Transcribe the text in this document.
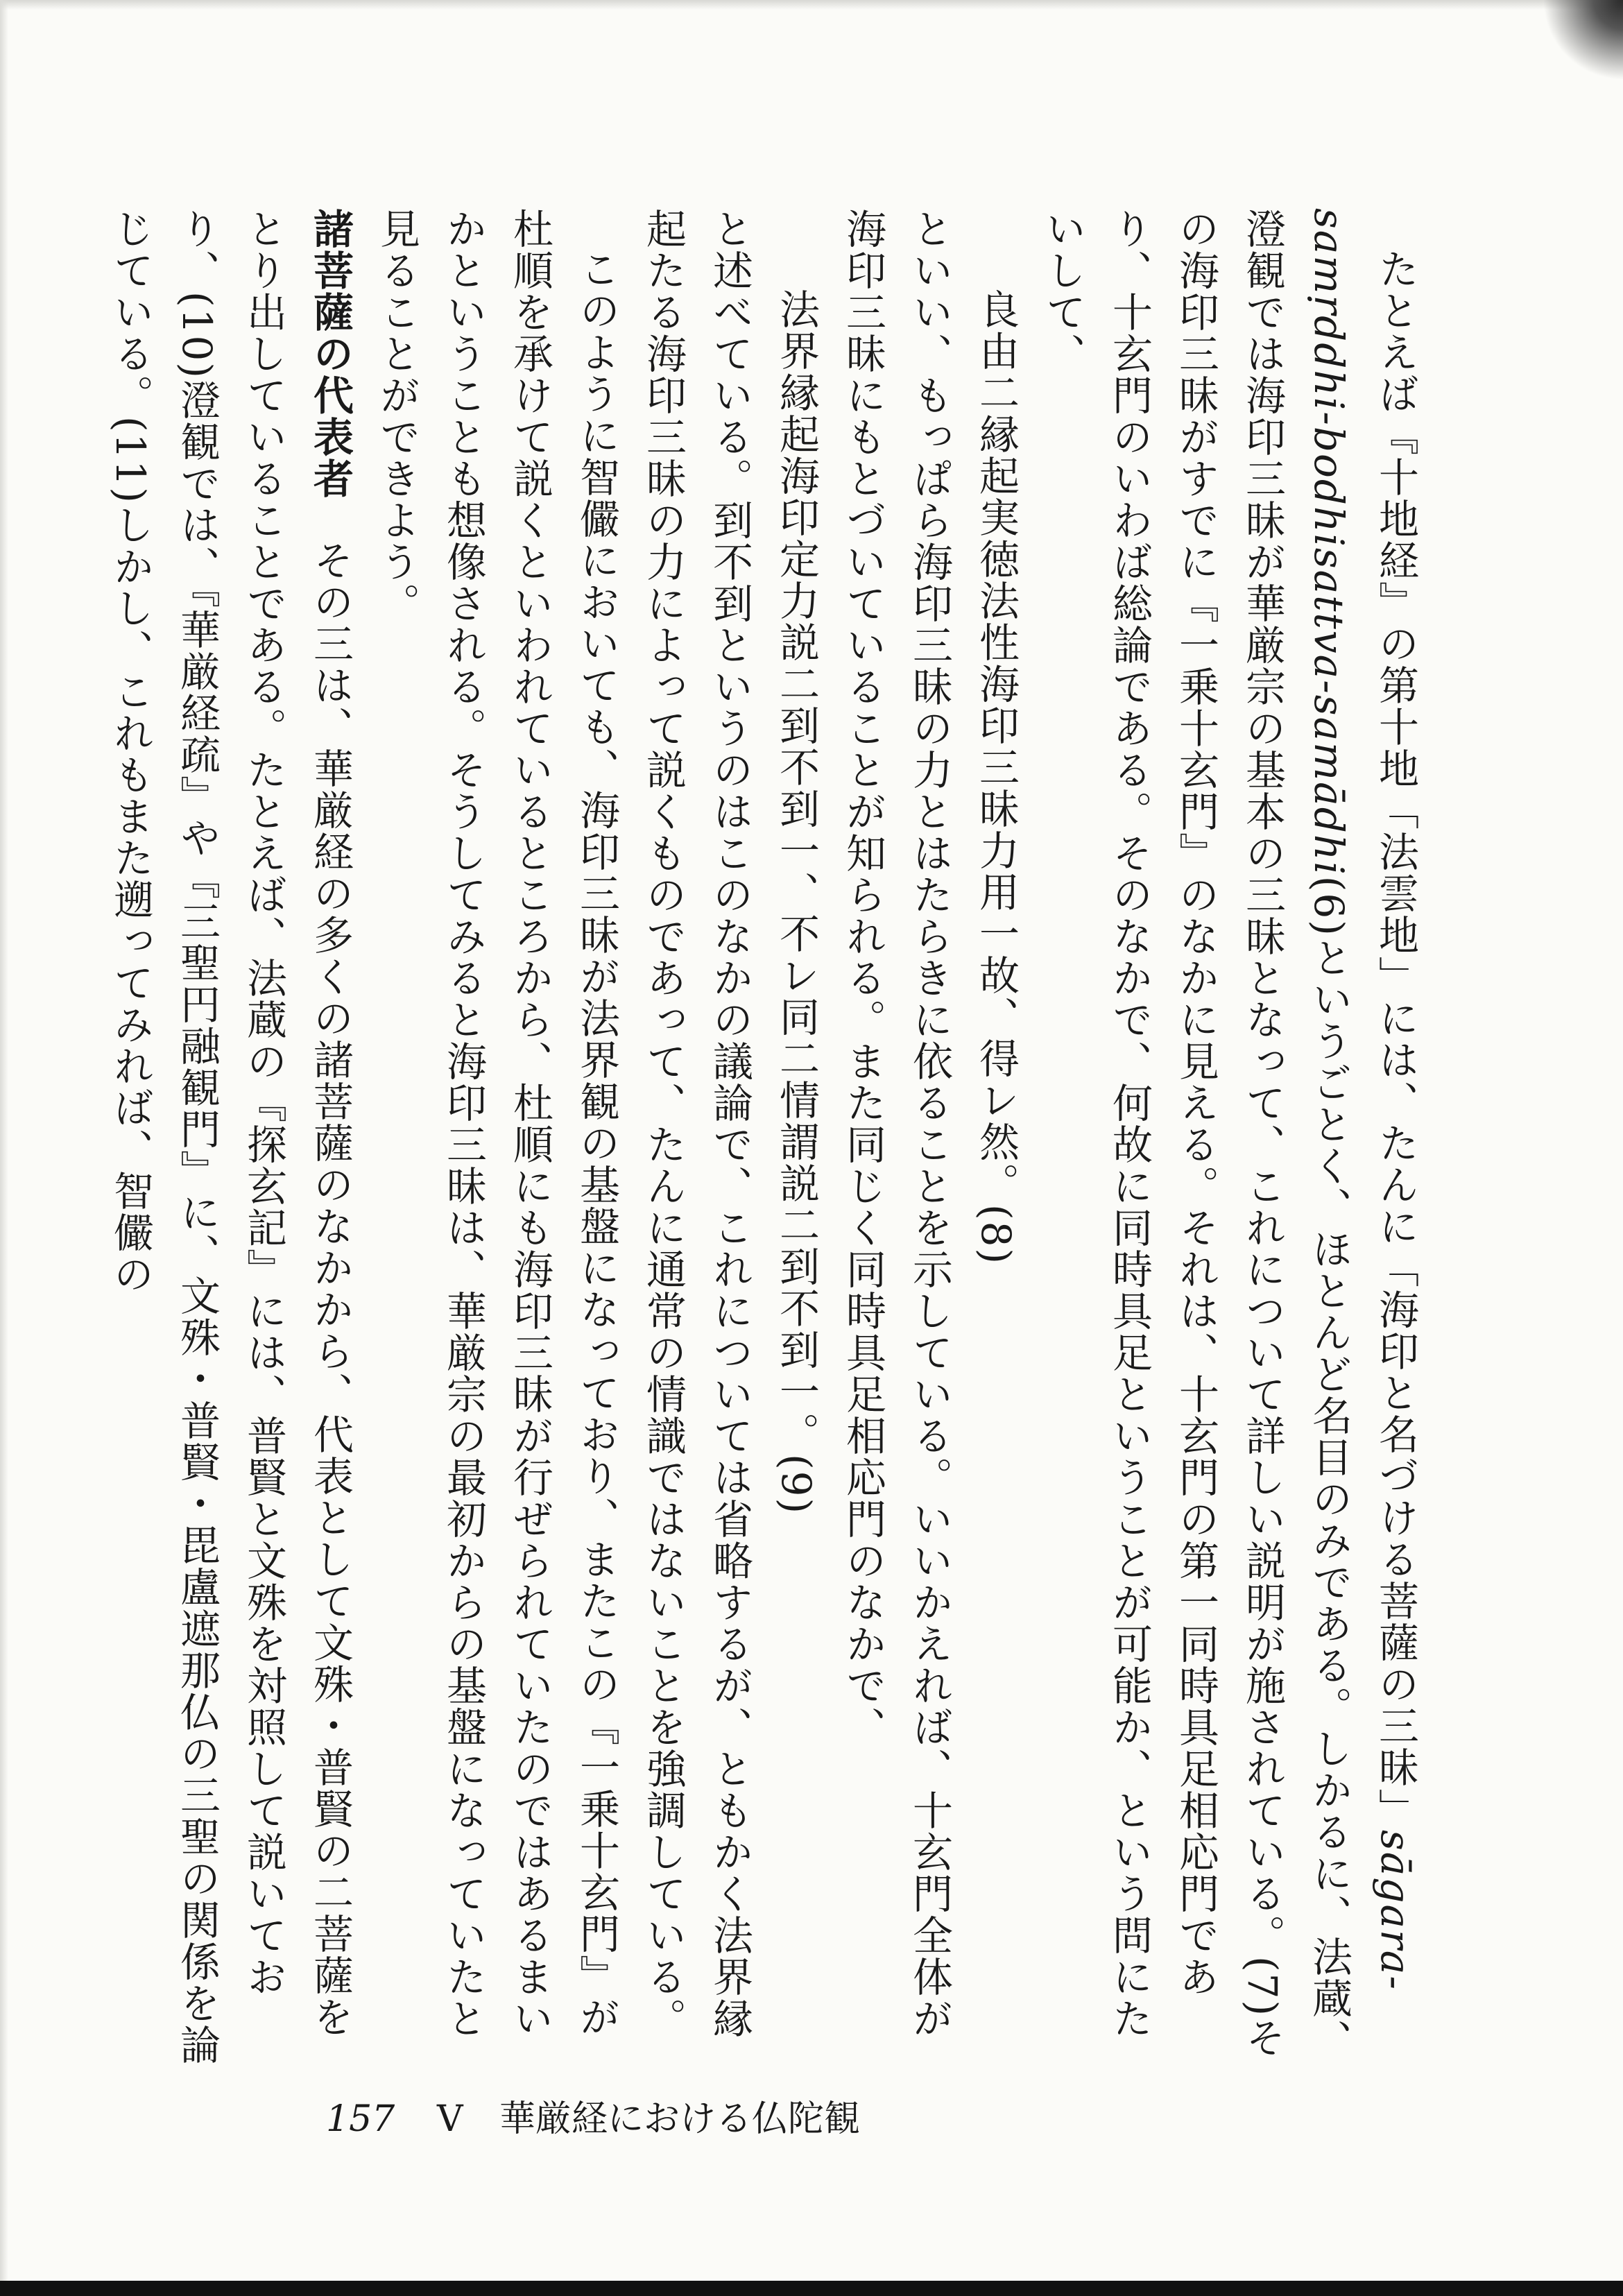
たとえば『十地経』の第十地「法雲地」には、たんに「海印と名づける菩薩の三昧」sāgara-samṛddhi-bodhisattva-samādhi(6)というごとく、ほとんど名目のみである。しかるに、法蔵、澄観では海印三昧が華厳宗の基本の三昧となって、これについて詳しい説明が施されている。(7)その海印三昧がすでに『一乗十玄門』のなかに見える。それは、十玄門の第一同時具足相応門であり、十玄門のいわば総論である。そのなかで、何故に同時具足ということが可能か、という問にたいして、

良由二縁起実徳法性海印三昧力用一故、得レ然。(8)

といい、もっぱら海印三昧の力とはたらきに依ることを示している。いいかえれば、十玄門全体が海印三昧にもとづいていることが知られる。また同じく同時具足相応門のなかで、

法界縁起海印定力説二到不到一、不レ同二情謂説二到不到一。(9)

と述べている。到不到というのはこのなかの議論で、これについては省略するが、ともかく法界縁起たる海印三昧の力によって説くものであって、たんに通常の情識ではないことを強調している。

このように智儼においても、海印三昧が法界観の基盤になっており、またこの『一乗十玄門』が杜順を承けて説くといわれているところから、杜順にも海印三昧が行ぜられていたのではあるまいかということも想像される。そうしてみると海印三昧は、華厳宗の最初からの基盤になっていたと見ることができよう。

諸菩薩の代表者その三は、華厳経の多くの諸菩薩のなかから、代表として文殊・普賢の二菩薩をとり出していることである。たとえば、法蔵の『探玄記』には、普賢と文殊を対照して説いており、(10)澄観では、『華厳経疏』や『三聖円融観門』に、文殊・普賢・毘盧遮那仏の三聖の関係を論じている。(11)しかし、これもまた遡ってみれば、智儼の

157 V 華厳経における仏陀観
